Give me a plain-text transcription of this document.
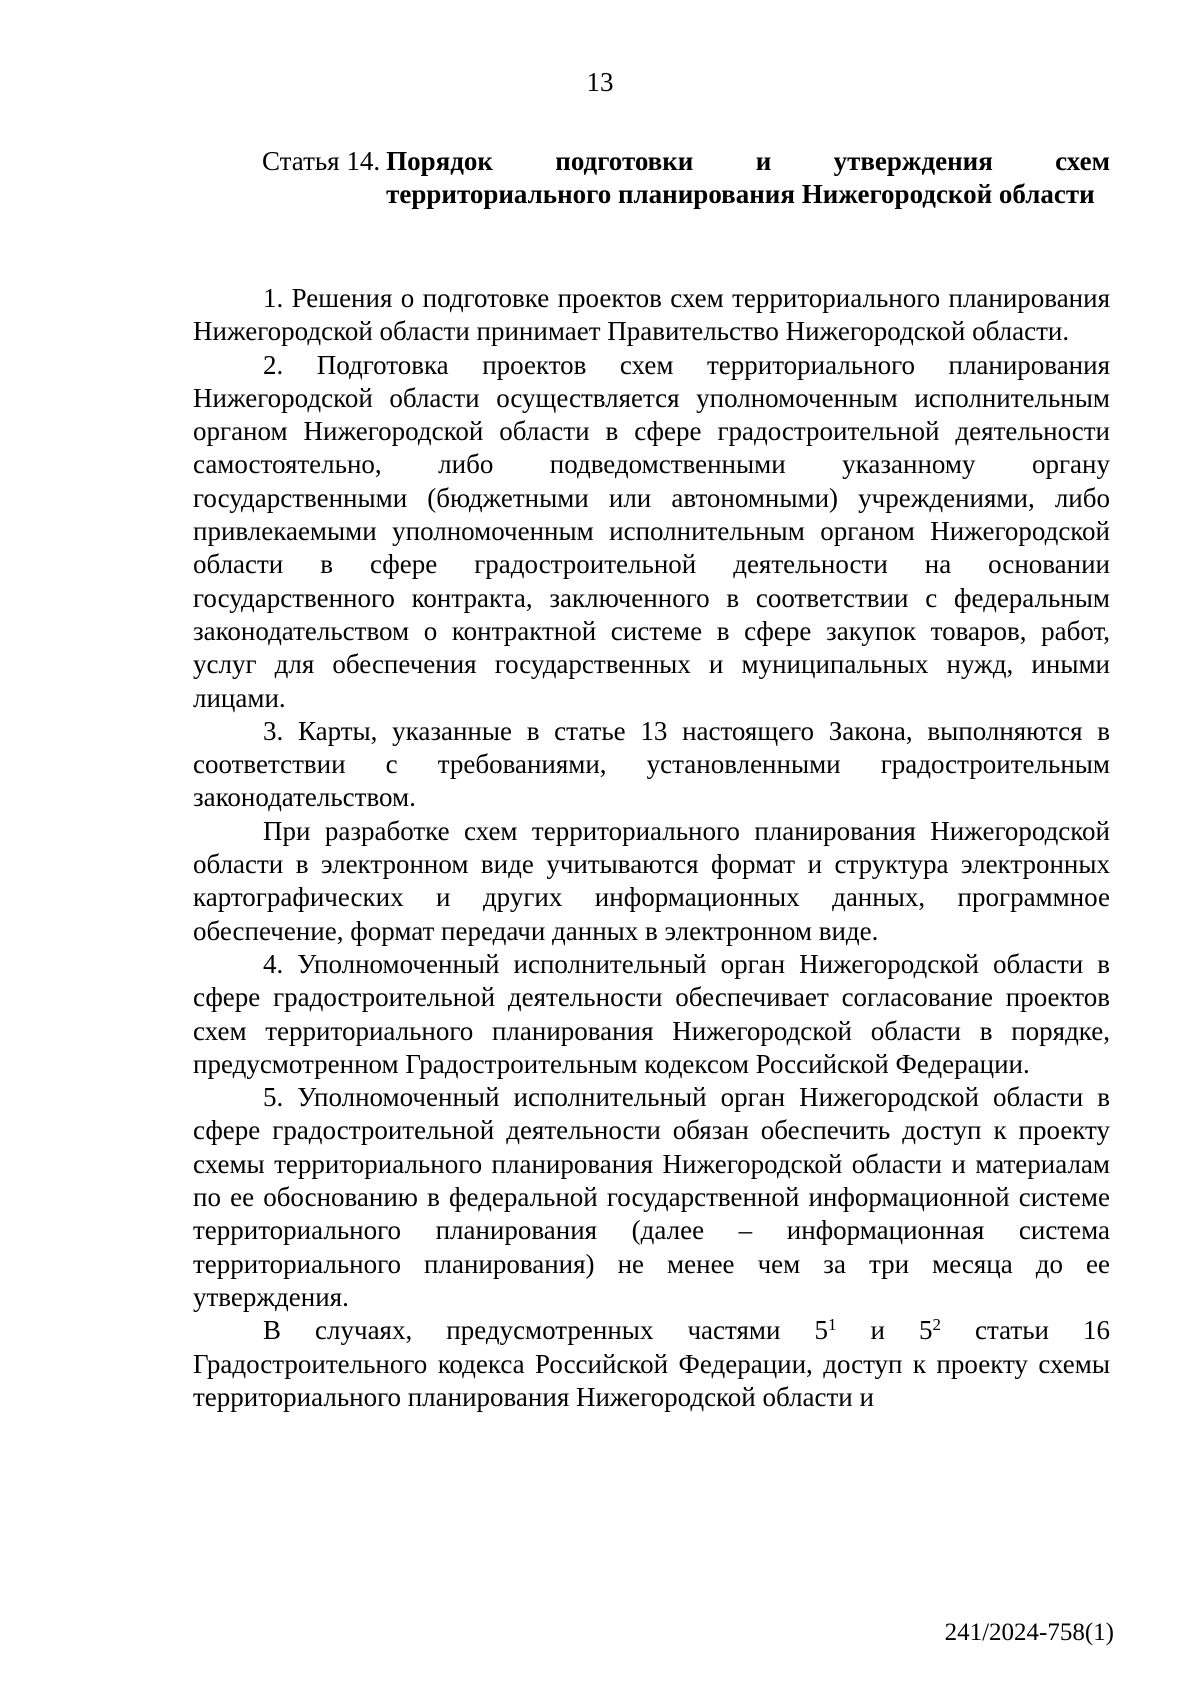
13
Статья 14. Порядок подготовки и утверждения схем территориального планирования Нижегородской области

1. Решения о подготовке проектов схем территориального планирования Нижегородской области принимает Правительство Нижегородской области.

2. Подготовка проектов схем территориального планирования Нижегородской области осуществляется уполномоченным исполнительным органом Нижегородской области в сфере градостроительной деятельности самостоятельно, либо подведомственными указанному органу государственными (бюджетными или автономными) учреждениями, либо привлекаемыми уполномоченным исполнительным органом Нижегородской области в сфере градостроительной деятельности на основании государственного контракта, заключенного в соответствии с федеральным законодательством о контрактной системе в сфере закупок товаров, работ, услуг для обеспечения государственных и муниципальных нужд, иными лицами.

3. Карты, указанные в статье 13 настоящего Закона, выполняются в соответствии с требованиями, установленными градостроительным законодательством.

При разработке схем территориального планирования Нижегородской области в электронном виде учитываются формат и структура электронных картографических и других информационных данных, программное обеспечение, формат передачи данных в электронном виде.

4. Уполномоченный исполнительный орган Нижегородской области в сфере градостроительной деятельности обеспечивает согласование проектов схем территориального планирования Нижегородской области в порядке, предусмотренном Градостроительным кодексом Российской Федерации.

5. Уполномоченный исполнительный орган Нижегородской области в сфере градостроительной деятельности обязан обеспечить доступ к проекту схемы территориального планирования Нижегородской области и материалам по ее обоснованию в федеральной государственной информационной системе территориального планирования (далее – информационная система территориального планирования) не менее чем за три месяца до ее утверждения.

В случаях, предусмотренных частями $5^1$ и $5^2$ статьи 16 Градостроительного кодекса Российской Федерации, доступ к проекту схемы территориального планирования Нижегородской области и

241/2024-758(1)
